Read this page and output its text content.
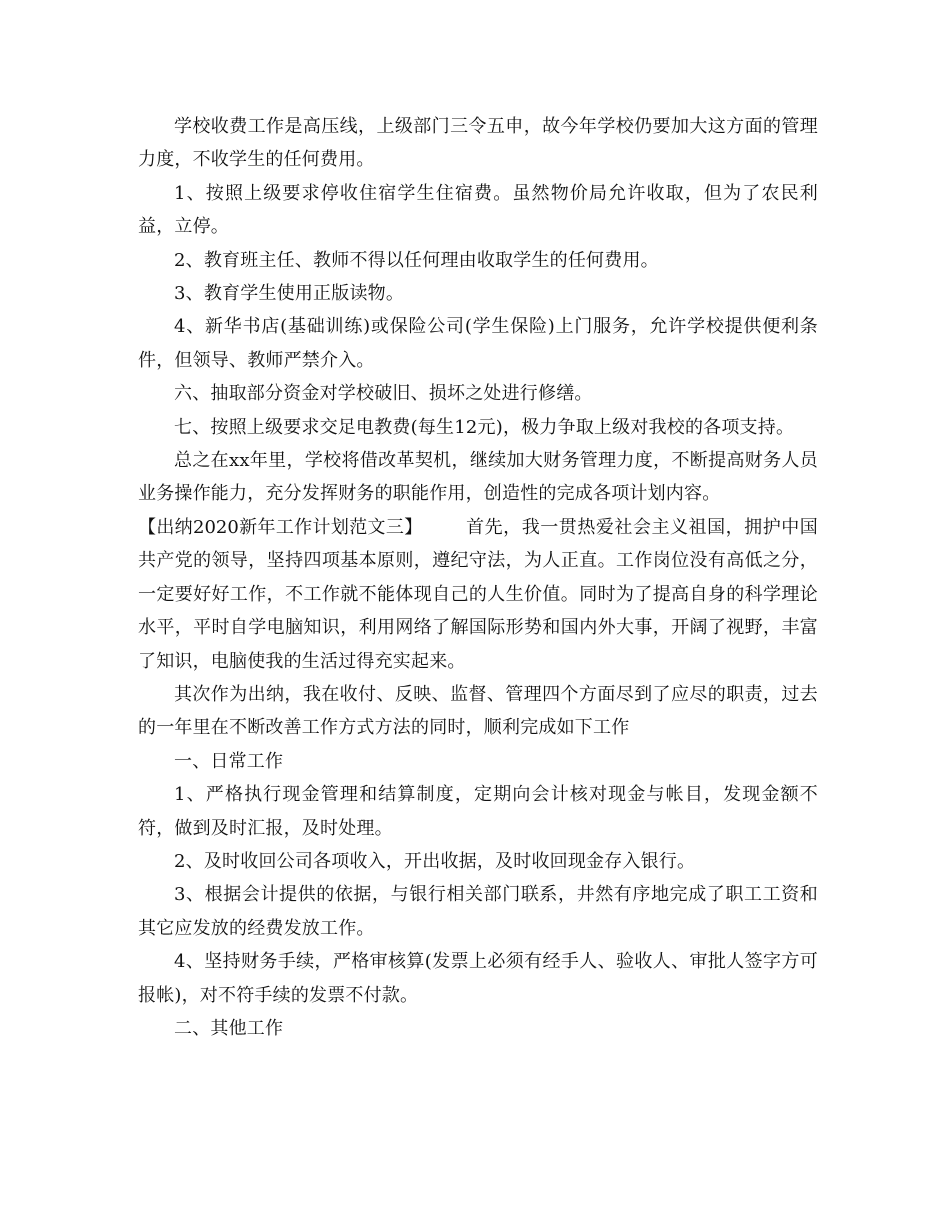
学校收费工作是高压线，上级部门三令五申，故今年学校仍要加大这方面的管理力度，不收学生的任何费用。

1、按照上级要求停收住宿学生住宿费。虽然物价局允许收取，但为了农民利益，立停。

2、教育班主任、教师不得以任何理由收取学生的任何费用。

3、教育学生使用正版读物。

4、新华书店(基础训练)或保险公司(学生保险)上门服务，允许学校提供便利条件，但领导、教师严禁介入。

六、抽取部分资金对学校破旧、损坏之处进行修缮。

七、按照上级要求交足电教费(每生12元)，极力争取上级对我校的各项支持。

总之在xx年里，学校将借改革契机，继续加大财务管理力度，不断提高财务人员业务操作能力，充分发挥财务的职能作用，创造性的完成各项计划内容。

【出纳2020新年工作计划范文三】 首先，我一贯热爱社会主义祖国，拥护中国共产党的领导，坚持四项基本原则，遵纪守法，为人正直。工作岗位没有高低之分，一定要好好工作，不工作就不能体现自己的人生价值。同时为了提高自身的科学理论水平，平时自学电脑知识，利用网络了解国际形势和国内外大事，开阔了视野，丰富了知识，电脑使我的生活过得充实起来。

其次作为出纳，我在收付、反映、监督、管理四个方面尽到了应尽的职责，过去的一年里在不断改善工作方式方法的同时，顺利完成如下工作

一、日常工作

1、严格执行现金管理和结算制度，定期向会计核对现金与帐目，发现金额不符，做到及时汇报，及时处理。

2、及时收回公司各项收入，开出收据，及时收回现金存入银行。

3、根据会计提供的依据，与银行相关部门联系，井然有序地完成了职工工资和其它应发放的经费发放工作。

4、坚持财务手续，严格审核算(发票上必须有经手人、验收人、审批人签字方可报帐)，对不符手续的发票不付款。

二、其他工作
